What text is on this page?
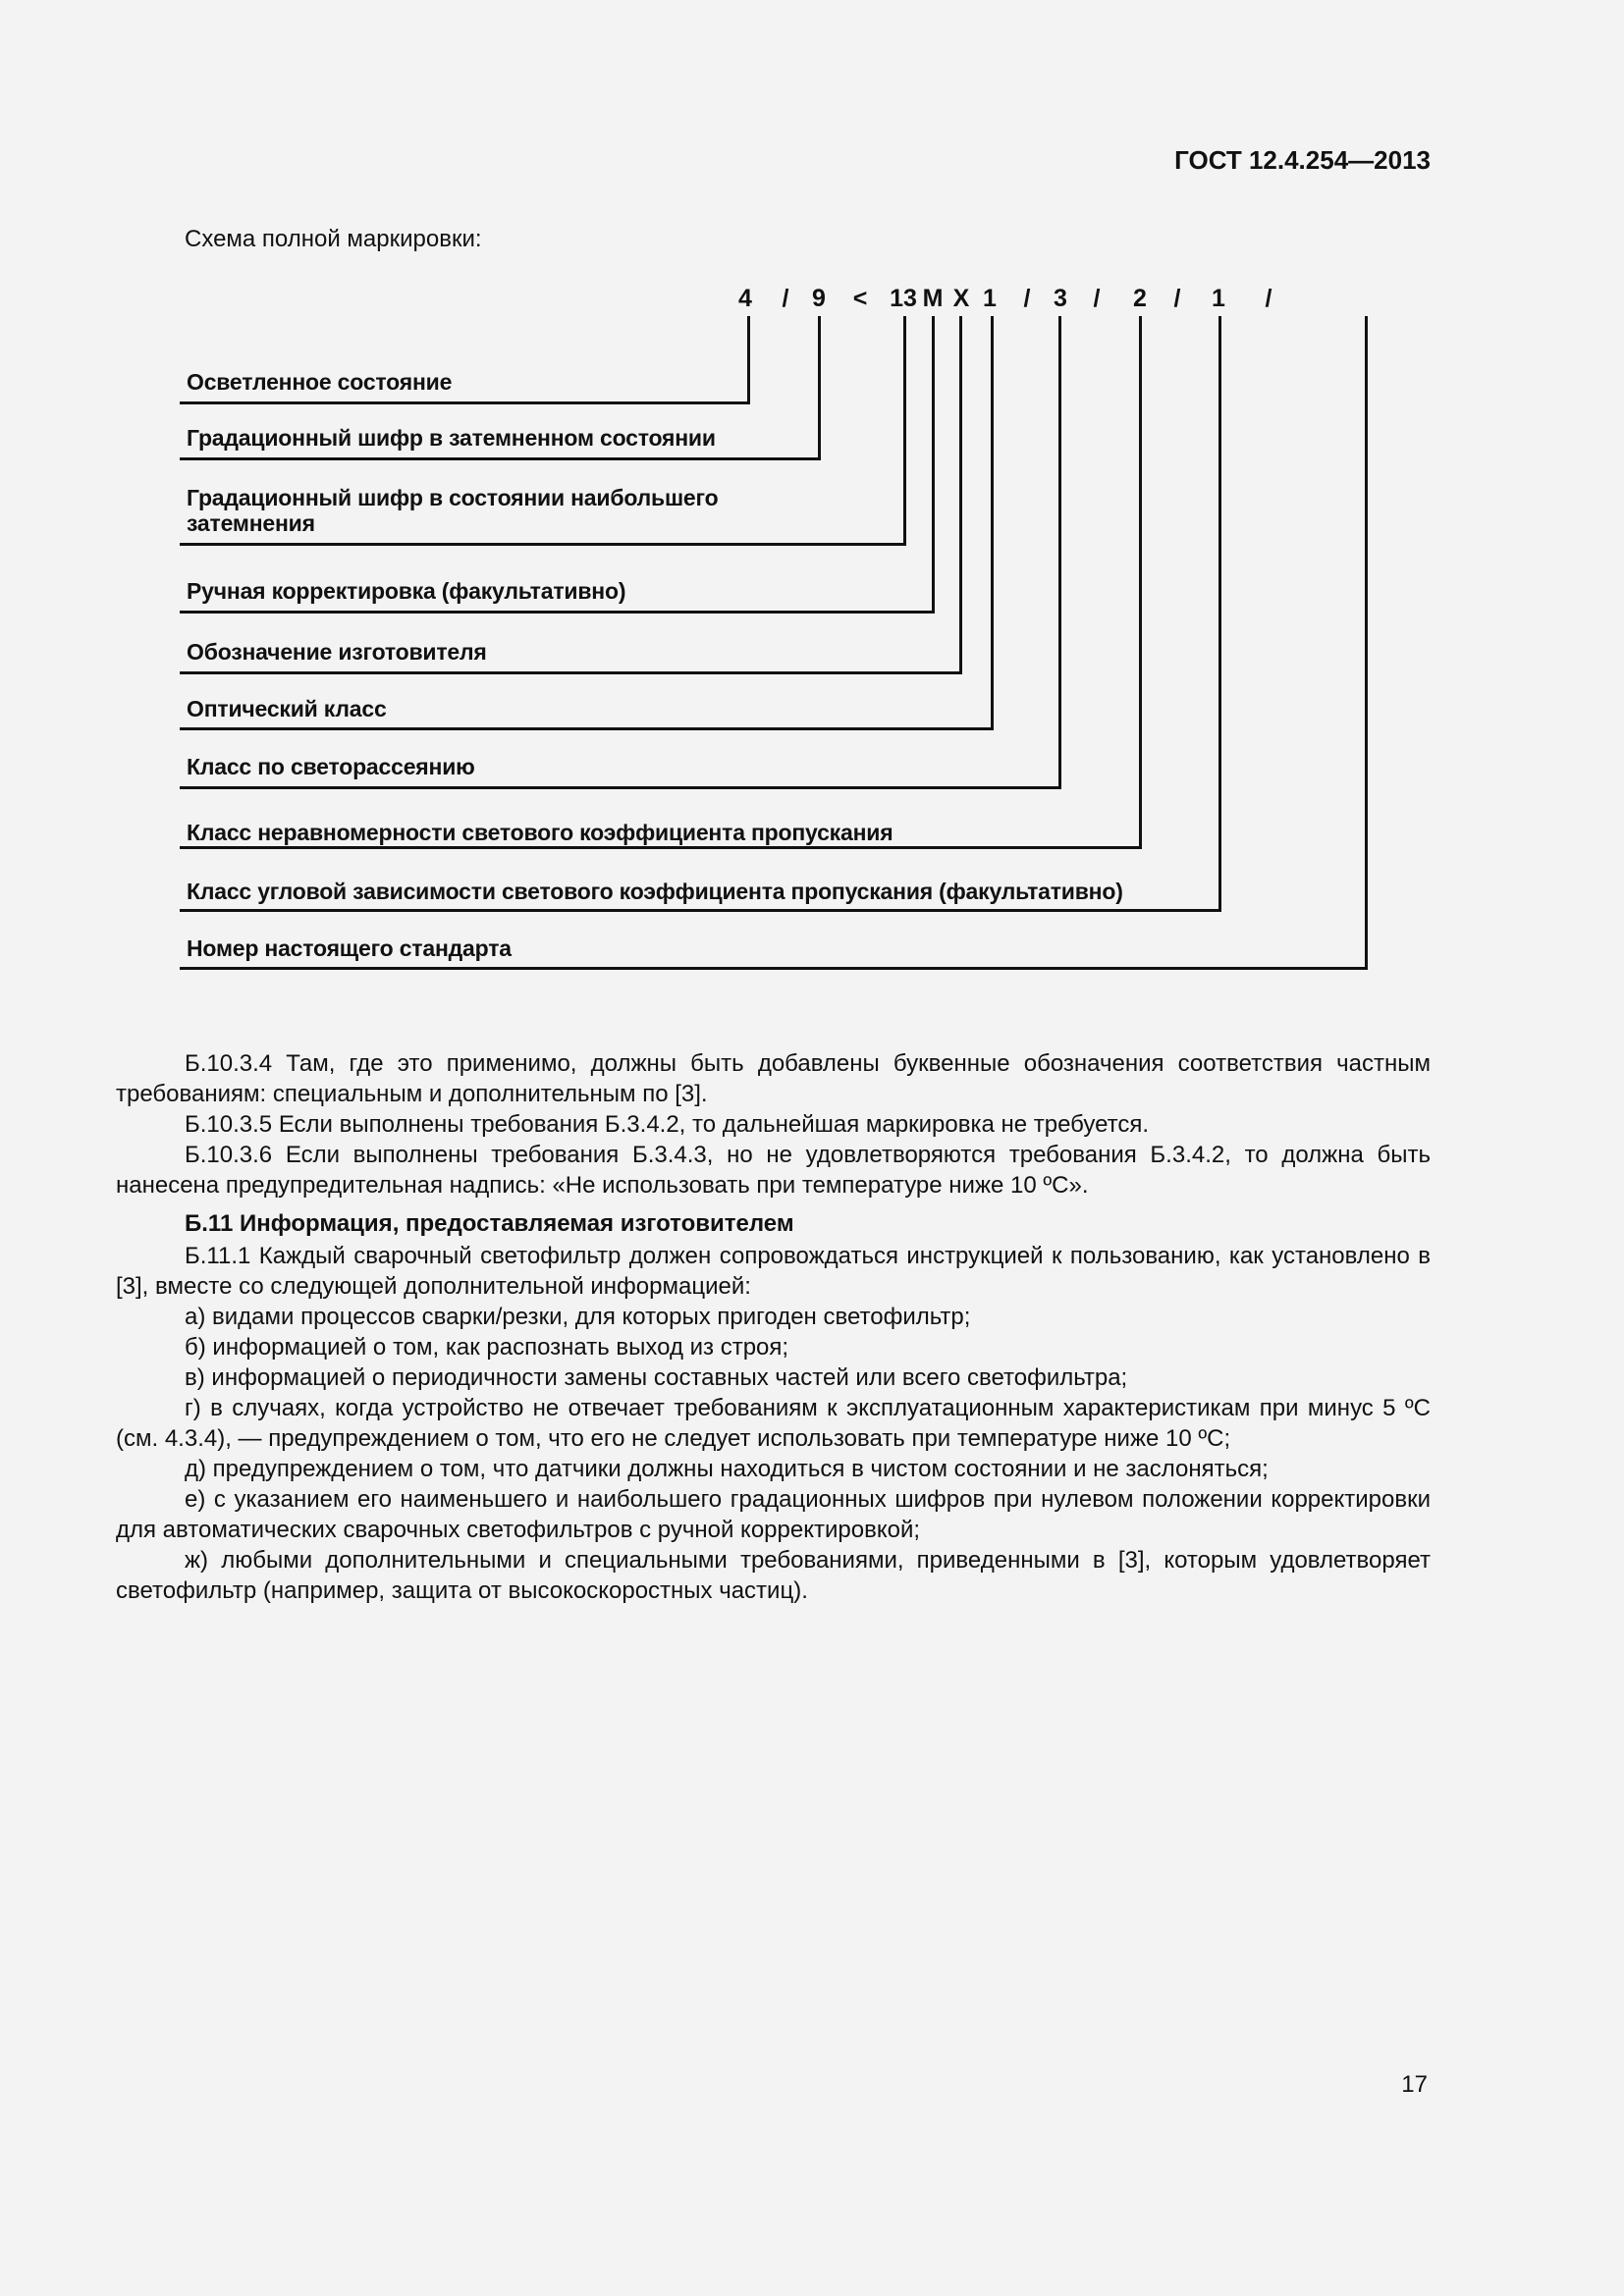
ГОСТ 12.4.254—2013
Схема полной маркировки:
4	/ 9	< 13 M X 1	/ 3	/	2	/	1	/
Осветленное состояние
Градационный шифр в затемненном состоянии
Градационный шифр в состоянии наибольшего затемнения
Ручная корректировка (факультативно)
Обозначение изготовителя
Оптический класс
Класс по светорассеянию
Класс неравномерности светового коэффициента пропускания
Класс угловой зависимости светового коэффициента пропускания (факультативно)
Номер настоящего стандарта

Б.10.3.4 Там, где это применимо, должны быть добавлены буквенные обозначения соответствия частным требованиям: специальным и дополнительным по [3].

Б.10.3.5 Если выполнены требования Б.3.4.2, то дальнейшая маркировка не требуется.

Б.10.3.6 Если выполнены требования Б.3.4.3, но не удовлетворяются требования Б.3.4.2, то должна быть нанесена предупредительная надпись: «Не использовать при температуре ниже 10 ºС».

Б.11 Информация, предоставляемая изготовителем

Б.11.1 Каждый сварочный светофильтр должен сопровождаться инструкцией к пользованию, как установлено в [3], вместе со следующей дополнительной информацией:

а) видами процессов сварки/резки, для которых пригоден светофильтр;

б) информацией о том, как распознать выход из строя;

в) информацией о периодичности замены составных частей или всего светофильтра;

г) в случаях, когда устройство не отвечает требованиям к эксплуатационным характеристикам при минус 5 ºС (см. 4.3.4), — предупреждением о том, что его не следует использовать при температуре ниже 10 ºС;

д) предупреждением о том, что датчики должны находиться в чистом состоянии и не заслоняться;

е) с указанием его наименьшего и наибольшего градационных шифров при нулевом положении корректировки для автоматических сварочных светофильтров с ручной корректировкой;

ж) любыми дополнительными и специальными требованиями, приведенными в [3], которым удовлетворяет светофильтр (например, защита от высокоскоростных частиц).

17
